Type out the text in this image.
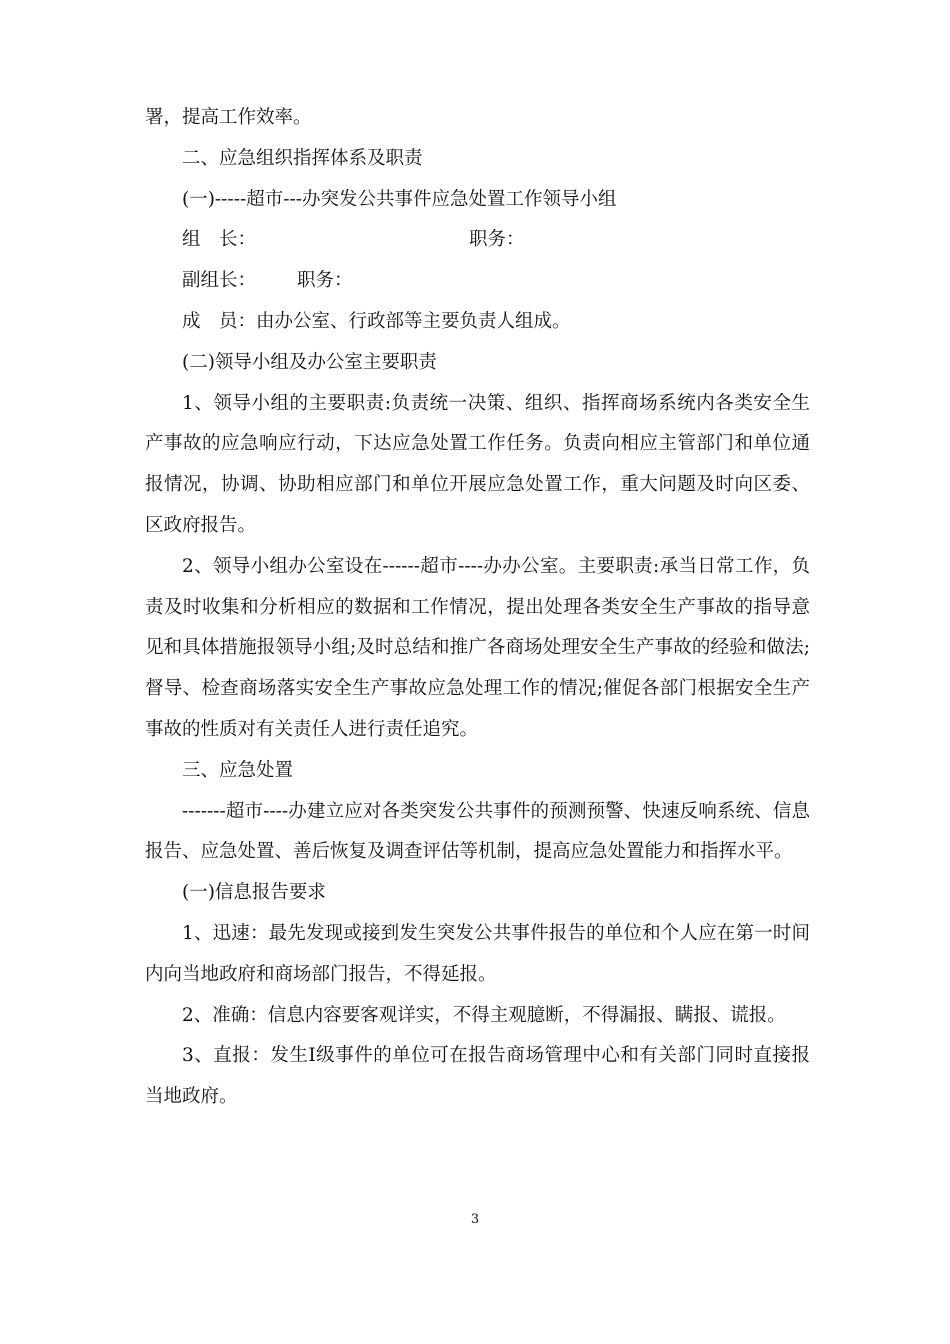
署，提高工作效率。

二、应急组织指挥体系及职责

(一)-----超市---办突发公共事件应急处置工作领导小组

组　长：	职务：
副组长： 职务：

成　员：由办公室、行政部等主要负责人组成。

(二)领导小组及办公室主要职责

1、领导小组的主要职责:负责统一决策、组织、指挥商场系统内各类安全生产事故的应急响应行动，下达应急处置工作任务。负责向相应主管部门和单位通报情况，协调、协助相应部门和单位开展应急处置工作，重大问题及时向区委、区政府报告。

2、领导小组办公室设在------超市----办办公室。主要职责:承当日常工作，负责及时收集和分析相应的数据和工作情况，提出处理各类安全生产事故的指导意见和具体措施报领导小组;及时总结和推广各商场处理安全生产事故的经验和做法;督导、检查商场落实安全生产事故应急处理工作的情况;催促各部门根据安全生产事故的性质对有关责任人进行责任追究。

三、应急处置

-------超市----办建立应对各类突发公共事件的预测预警、快速反响系统、信息报告、应急处置、善后恢复及调查评估等机制，提高应急处置能力和指挥水平。

(一)信息报告要求

1、迅速：最先发现或接到发生突发公共事件报告的单位和个人应在第一时间内向当地政府和商场部门报告，不得延报。

2、准确：信息内容要客观详实，不得主观臆断，不得漏报、瞒报、谎报。

3、直报：发生Ⅰ级事件的单位可在报告商场管理中心和有关部门同时直接报当地政府。

3
